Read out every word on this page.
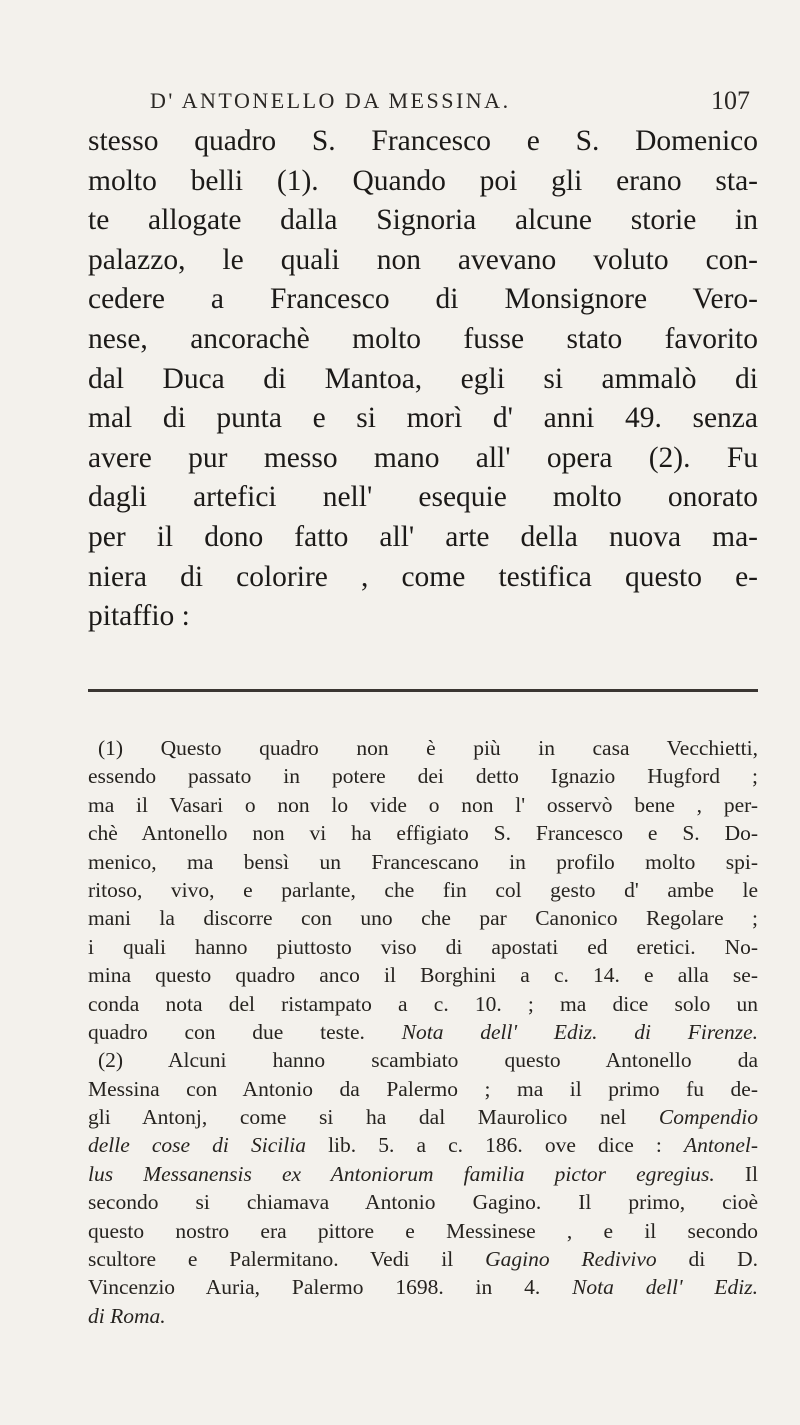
D' ANTONELLO DA MESSINA.	107
stesso quadro S. Francesco e S. Domenico
molto belli (1). Quando poi gli erano sta-
te allogate dalla Signoria alcune storie in
palazzo, le quali non avevano voluto con-
cedere a Francesco di Monsignore Vero-
nese, ancorachè molto fusse stato favorito
dal Duca di Mantoa, egli si ammalò di
mal di punta e si morì d' anni 49. senza
avere pur messo mano all' opera (2). Fu
dagli artefici nell' esequie molto onorato
per il dono fatto all' arte della nuova ma-
niera di colorire , come testifica questo e-
pitaffio :
(1) Questo quadro non è più in casa Vecchietti,
essendo passato in potere dei detto Ignazio Hugford ;
ma il Vasari o non lo vide o non l' osservò bene , per-
chè Antonello non vi ha effigiato S. Francesco e S. Do-
menico, ma bensì un Francescano in profilo molto spi-
ritoso, vivo, e parlante, che fin col gesto d' ambe le
mani la discorre con uno che par Canonico Regolare ;
i quali hanno piuttosto viso di apostati ed eretici. No-
mina questo quadro anco il Borghini a c. 14. e alla se-
conda nota del ristampato a c. 10. ; ma dice solo un
quadro con due teste. Nota dell' Ediz. di Firenze.
(2) Alcuni hanno scambiato questo Antonello da
Messina con Antonio da Palermo ; ma il primo fu de-
gli Antonj, come si ha dal Maurolico nel Compendio
delle cose di Sicilia lib. 5. a c. 186. ove dice : Antonel-
lus Messanensis ex Antoniorum familia pictor egregius. Il
secondo si chiamava Antonio Gagino. Il primo, cioè
questo nostro era pittore e Messinese , e il secondo
scultore e Palermitano. Vedi il Gagino Redivivo di D.
Vincenzio Auria, Palermo 1698. in 4. Nota dell' Ediz.
di Roma.
